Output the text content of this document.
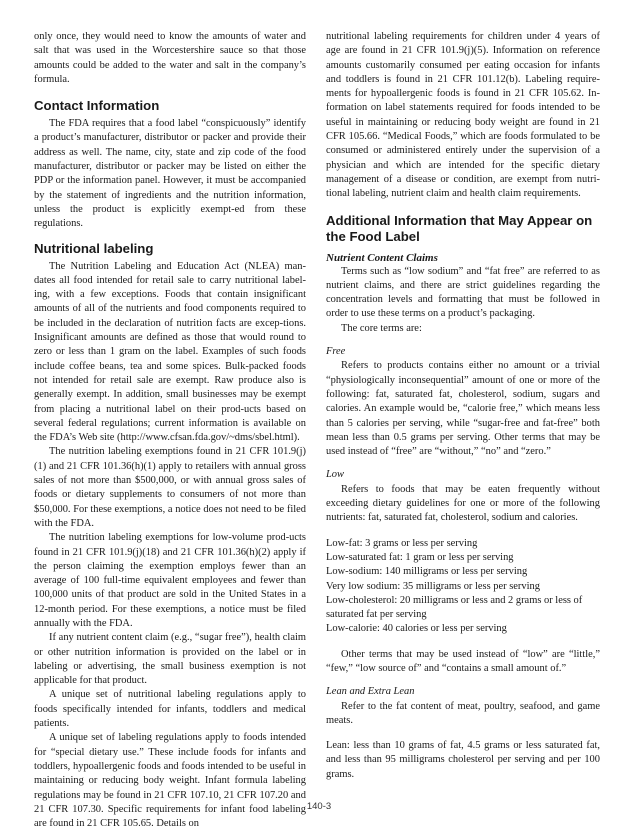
only once, they would need to know the amounts of water and salt that was used in the Worcestershire sauce so that those amounts could be added to the water and salt in the company’s formula.

Contact Information

The FDA requires that a food label “conspicuously” identify a product’s manufacturer, distributor or packer and provide their address as well. The name, city, state and zip code of the food manufacturer, distributor or packer may be listed on either the PDP or the information panel. However, it must be accompanied by the statement of ingredients and the nutrition information, unless the product is explicitly exempt-ed from these regulations.

Nutritional labeling

The Nutrition Labeling and Education Act (NLEA) man-dates all food intended for retail sale to carry nutritional label-ing, with a few exceptions. Foods that contain insignificant amounts of all of the nutrients and food components required to be included in the declaration of nutrition facts are excep-tions. Insignificant amounts are defined as those that would round to zero or less than 1 gram on the label. Examples of such foods include coffee beans, tea and some spices. Bulk-packed foods not intended for retail sale are exempt. Raw produce also is generally exempt. In addition, small businesses may be exempt from placing a nutritional label on their prod-ucts based on several federal regulations; current information is available on the FDA’s Web site (http://www.cfsan.fda.gov/~dms/sbel.html).

The nutrition labeling exemptions found in 21 CFR 101.9(j)(1) and 21 CFR 101.36(h)(1) apply to retailers with annual gross sales of not more than $500,000, or with annual gross sales of foods or dietary supplements to consumers of not more than $50,000. For these exemptions, a notice does not need to be filed with the FDA.

The nutrition labeling exemptions for low-volume prod-ucts found in 21 CFR 101.9(j)(18) and 21 CFR 101.36(h)(2) apply if the person claiming the exemption employs fewer than an average of 100 full-time equivalent employees and fewer than 100,000 units of that product are sold in the United States in a 12-month period. For these exemptions, a notice must be filed annually with the FDA.

If any nutrient content claim (e.g., “sugar free”), health claim or other nutrition information is provided on the label or in labeling or advertising, the small business exemption is not applicable for that product.

A unique set of nutritional labeling regulations apply to foods specifically intended for infants, toddlers and medical patients.

A unique set of labeling regulations apply to foods intended for “special dietary use.” These include foods for infants and toddlers, hypoallergenic foods and foods intended to be useful in maintaining or reducing body weight. Infant formula labeling regulations may be found in 21 CFR 107.10, 21 CFR 107.20 and 21 CFR 107.30. Specific requirements for infant food labeling are found in 21 CFR 105.65. Details on

nutritional labeling requirements for children under 4 years of age are found in 21 CFR 101.9(j)(5). Information on reference amounts customarily consumed per eating occasion for infants and toddlers is found in 21 CFR 101.12(b). Labeling require-ments for hypoallergenic foods is found in 21 CFR 105.62. In-formation on label statements required for foods intended to be useful in maintaining or reducing body weight are found in 21 CFR 105.66. “Medical Foods,” which are foods formulated to be consumed or administered entirely under the supervision of a physician and which are intended for the specific dietary management of a disease or condition, are exempt from nutri-tional labeling, nutrient claim and health claim requirements.

Additional Information that May Appear on the Food Label
Nutrient Content Claims

Terms such as “low sodium” and “fat free” are referred to as nutrient claims, and there are strict guidelines regarding the concentration levels and formatting that must be followed in order to use these terms on a product’s packaging.

The core terms are:

Free

Refers to products contains either no amount or a trivial “physiologically inconsequential” amount of one or more of the following: fat, saturated fat, cholesterol, sodium, sugars and calories. An example would be, “calorie free,” which means less than 5 calories per serving, while “sugar-free and fat-free” both mean less than 0.5 grams per serving. Other terms that may be used instead of “free” are “without,” “no” and “zero.”

Low

Refers to foods that may be eaten frequently without exceeding dietary guidelines for one or more of the following nutrients: fat, saturated fat, cholesterol, sodium and calories.

Low-fat: 3 grams or less per serving

Low-saturated fat: 1 gram or less per serving

Low-sodium: 140 milligrams or less per serving

Very low sodium: 35 milligrams or less per serving

Low-cholesterol: 20 milligrams or less and 2 grams or less of saturated fat per serving

Low-calorie: 40 calories or less per serving

Other terms that may be used instead of “low” are “little,” “few,” “low source of” and “contains a small amount of.”

Lean and Extra Lean

Refer to the fat content of meat, poultry, seafood, and game meats.

Lean: less than 10 grams of fat, 4.5 grams or less saturated fat, and less than 95 milligrams cholesterol per serving and per 100 grams.

140-3
